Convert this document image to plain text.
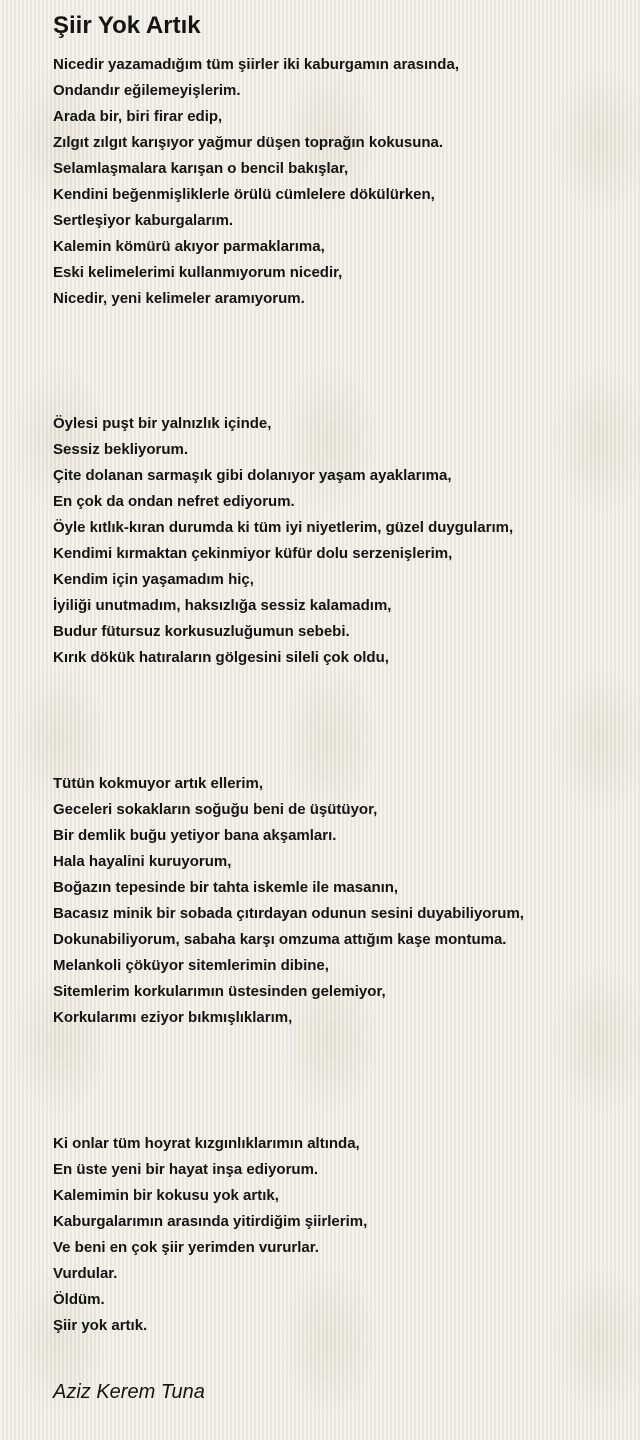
Şiir Yok Artık
Nicedir yazamadığım tüm şiirler iki kaburgamın arasında,
Ondandır eğilemeyişlerim.
Arada bir, biri firar edip,
Zılgıt zılgıt karışıyor yağmur düşen toprağın kokusuna.
Selamlaşmalara karışan o bencil bakışlar,
Kendini beğenmişliklerle örülü cümlelere dökülürken,
Sertleşiyor kaburgalarım.
Kalemin kömürü akıyor parmaklarıma,
Eski kelimelerimi kullanmıyorum nicedir,
Nicedir, yeni kelimeler aramıyorum.
Öylesi puşt bir yalnızlık içinde,
Sessiz bekliyorum.
Çite dolanan sarmaşık gibi dolanıyor yaşam ayaklarıma,
En çok da ondan nefret ediyorum.
Öyle kıtlık-kıran durumda ki tüm iyi niyetlerim, güzel duygularım,
Kendimi kırmaktan çekinmiyor küfür dolu serzenişlerim,
Kendim için yaşamadım hiç,
İyiliği unutmadım, haksızlığa sessiz kalamadım,
Budur fütursuz korkusuzluğumun sebebi.
Kırık dökük hatıraların gölgesini sileli çok oldu,
Tütün kokmuyor artık ellerim,
Geceleri sokakların soğuğu beni de üşütüyor,
Bir demlik buğu yetiyor bana akşamları.
Hala hayalini kuruyorum,
Boğazın tepesinde bir tahta iskemle ile masanın,
Bacasız minik bir sobada çıtırdayan odunun sesini duyabiliyorum,
Dokunabiliyorum, sabaha karşı omzuma attığım kaşe montuma.
Melankoli çöküyor sitemlerimin dibine,
Sitemlerim korkularımın üstesinden gelemiyor,
Korkularımı eziyor bıkmışlıklarım,
Ki onlar tüm hoyrat kızgınlıklarımın altında,
En üste yeni bir hayat inşa ediyorum.
Kalemimin bir kokusu yok artık,
Kaburgalarımın arasında yitirdiğim şiirlerim,
Ve beni en çok şiir yerimden vururlar.
Vurdular.
Öldüm.
Şiir yok artık.

Aziz Kerem Tuna
